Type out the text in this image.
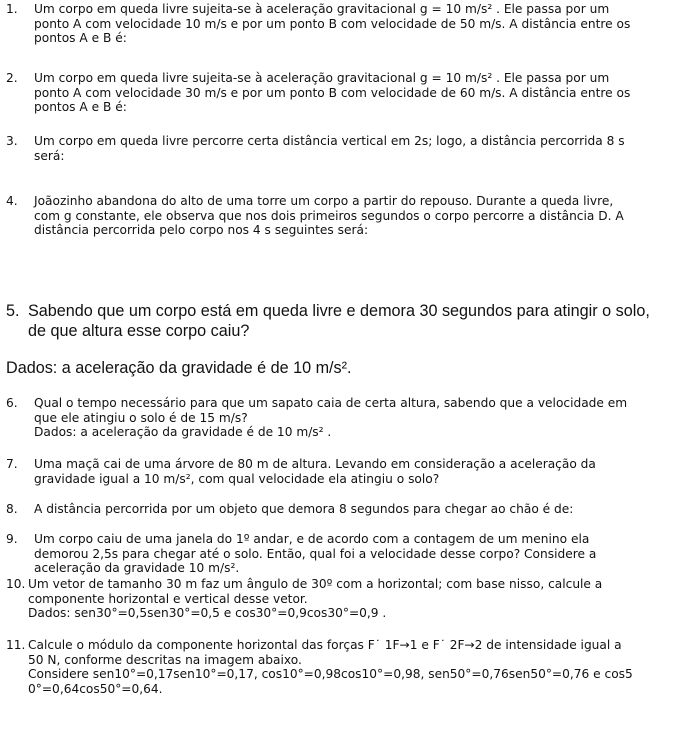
1.	Um corpo em queda livre sujeita-se à aceleração gravitacional g = 10 m/s² . Ele passa por um
ponto A com velocidade 10 m/s e por um ponto B com velocidade de 50 m/s. A distância entre os
pontos A e B é:
2.	Um corpo em queda livre sujeita-se à aceleração gravitacional g = 10 m/s² . Ele passa por um
ponto A com velocidade 30 m/s e por um ponto B com velocidade de 60 m/s. A distância entre os
pontos A e B é:
3.	Um corpo em queda livre percorre certa distância vertical em 2s; logo, a distância percorrida 8 s
será:
4.	Joãozinho abandona do alto de uma torre um corpo a partir do repouso. Durante a queda livre,
com g constante, ele observa que nos dois primeiros segundos o corpo percorre a distância D. A
distância percorrida pelo corpo nos 4 s seguintes será:
5. Sabendo que um corpo está em queda livre e demora 30 segundos para atingir o solo,
de que altura esse corpo caiu?
Dados: a aceleração da gravidade é de 10 m/s².
6.	Qual o tempo necessário para que um sapato caia de certa altura, sabendo que a velocidade em
que ele atingiu o solo é de 15 m/s?
Dados: a aceleração da gravidade é de 10 m/s² .
7.	Uma maçã cai de uma árvore de 80 m de altura. Levando em consideração a aceleração da
gravidade igual a 10 m/s², com qual velocidade ela atingiu o solo?
8.	A distância percorrida por um objeto que demora 8 segundos para chegar ao chão é de:
9.	Um corpo caiu de uma janela do 1º andar, e de acordo com a contagem de um menino ela
demorou 2,5s para chegar até o solo. Então, qual foi a velocidade desse corpo? Considere a
aceleração da gravidade 10 m/s².
10. Um vetor de tamanho 30 m faz um ângulo de 30º com a horizontal; com base nisso, calcule a
componente horizontal e vertical desse vetor.
Dados: sen30°=0,5sen30°=0,5 e cos30°=0,9cos30°=0,9 .
11. Calcule o módulo da componente horizontal das forças F˙ 1F→1 e F˙ 2F→2 de intensidade igual a
50 N, conforme descritas na imagem abaixo.
Considere sen10°=0,17sen10°=0,17, cos10°=0,98cos10°=0,98, sen50°=0,76sen50°=0,76 e cos5
0°=0,64cos50°=0,64.
